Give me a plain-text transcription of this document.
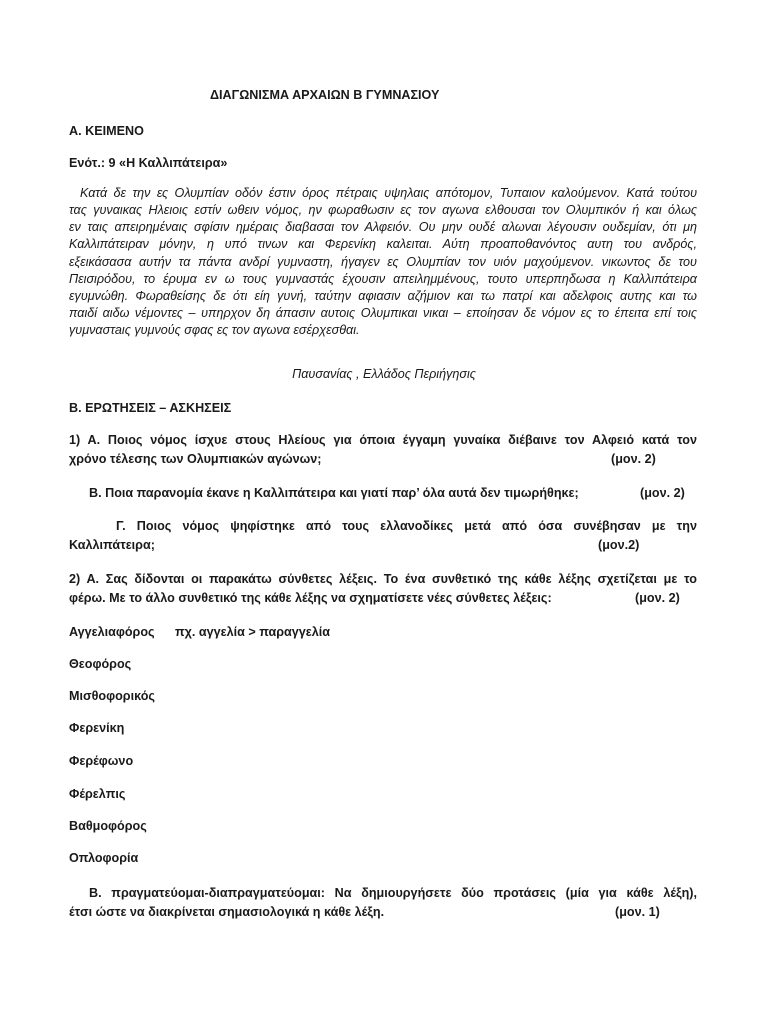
ΔΙΑΓΩΝΙΣΜΑ ΑΡΧΑΙΩΝ Β ΓΥΜΝΑΣΙΟΥ
Α. ΚΕΙΜΕΝΟ
Ενότ.: 9 «Η Καλλιπάτειρα»
Κατά δε την ες Ολυμπίαν οδόν έστιν όρος πέτραις υψηλαις απότομον, Τυπαιον καλούμενον. Κατά τούτου
τας γυναικας Ηλειοις εστίν ωθειν νόμος, ην φωραθωσιν ες τον αγωνα ελθουσαι τον Ολυμπικόν ή και όλως
εν ταις απειρημέναις σφίσιν ημέραις διαβασαι τον Αλφειόν. Ου μην ουδέ αλωναι λέγουσιν ουδεμίαν, ότι μη
Καλλιπάτειραν μόνην, η υπό τινων και Φερενίκη καλειται. Αύτη προαποθανόντος αυτη του ανδρός,
εξεικάσασα αυτήν τα πάντα ανδρί γυμναστη, ήγαγεν ες Ολυμπίαν τον υιόν μαχούμενον. νικωντος δε του
Πεισιρόδου, το έρυμα εν ω τους γυμναστάς έχουσιν απειλημμένους, τουτο υπερπηδωσα η Καλλιπάτειρα
εγυμνώθη. Φωραθείσης δε ότι είη γυνή, ταύτην αφιασιν αζήμιον και τω πατρί και αδελφοις αυτης και τω
παιδί αιδω νέμοντες – υπηρχον δη άπασιν αυτοις Ολυμπικαι νικαι – εποίησαν δε νόμον ες το έπειτα επί τοις
γυμναστaις γυμνούς σφας ες τον αγωνα εσέρχεσθαι.
Παυσανίας , Ελλάδος Περιήγησις
Β. ΕΡΩΤΗΣΕΙΣ – ΑΣΚΗΣΕΙΣ
1) Α. Ποιος νόμος ίσχυε στους Ηλείους για όποια έγγαμη γυναίκα διέβαινε τον Αλφειό κατά τον
χρόνο τέλεσης των Ολυμπιακών αγώνων;	(μον. 2)
Β. Ποια παρανομία έκανε η Καλλιπάτειρα και γιατί παρ’ όλα αυτά δεν τιμωρήθηκε;	(μον. 2)
Γ. Ποιος νόμος ψηφίστηκε από τους ελλανοδίκες μετά από όσα συνέβησαν με την
Καλλιπάτειρα;	(μον.2)
2) Α. Σας δίδονται οι παρακάτω σύνθετες λέξεις. Το ένα συνθετικό της κάθε λέξης σχετίζεται με το
φέρω. Με το άλλο συνθετικό της κάθε λέξης να σχηματίσετε νέες σύνθετες λέξεις:	(μον. 2)
Αγγελιαφόρος πχ. αγγελία > παραγγελία
Θεοφόρος
Μισθοφορικός
Φερενίκη
Φερέφωνο
Φέρελπις
Βαθμοφόρος
Οπλοφορία
Β. πραγματεύομαι-διαπραγματεύομαι: Να δημιουργήσετε δύο προτάσεις (μία για κάθε λέξη),
έτσι ώστε να διακρίνεται σημασιολογικά η κάθε λέξη.	(μον. 1)
